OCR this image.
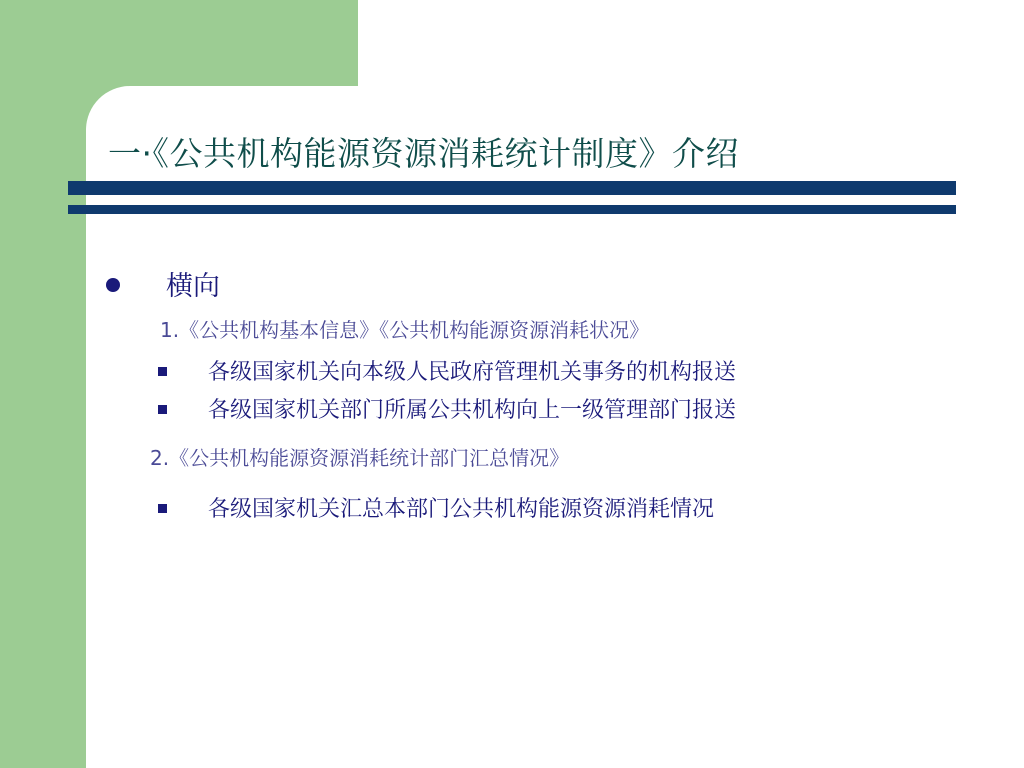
一·《公共机构能源资源消耗统计制度》介绍
横向
1.《公共机构基本信息》《公共机构能源资源消耗状况》
各级国家机关向本级人民政府管理机关事务的机构报送
各级国家机关部门所属公共机构向上一级管理部门报送
2.《公共机构能源资源消耗统计部门汇总情况》
各级国家机关汇总本部门公共机构能源资源消耗情况
